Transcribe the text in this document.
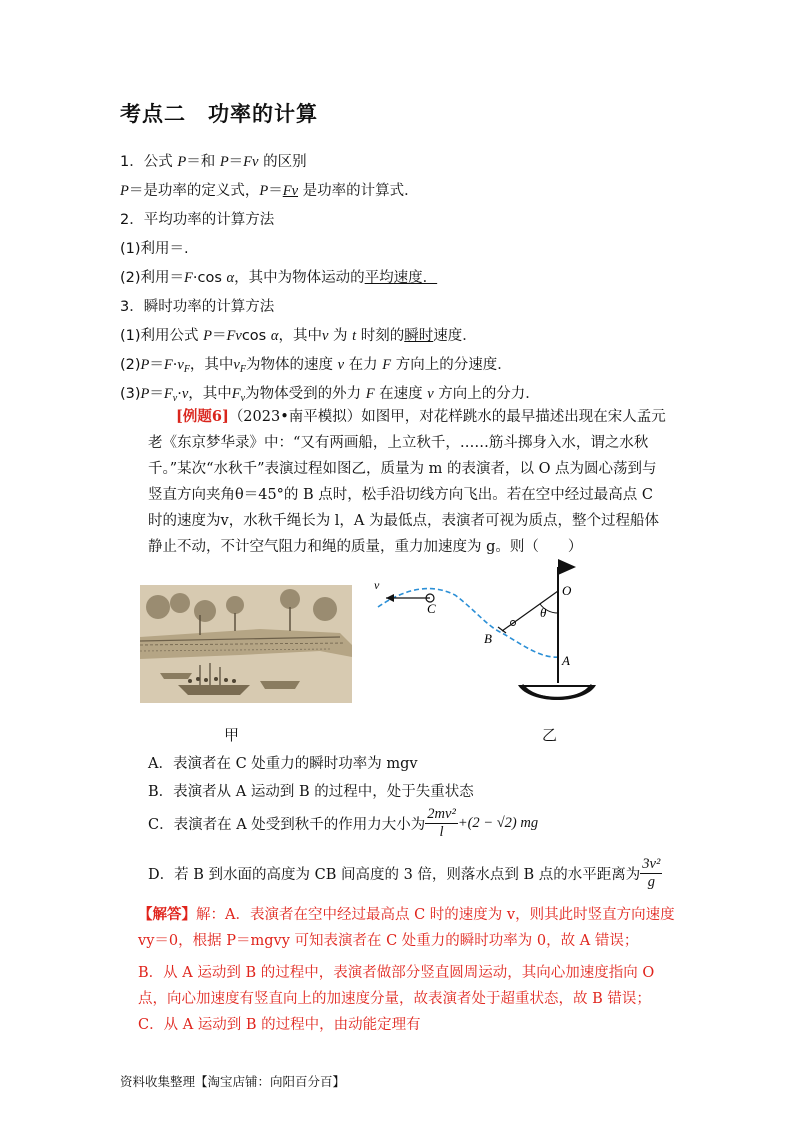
考点二　功率的计算
1．公式 P＝和 P＝Fv 的区别
P＝是功率的定义式，P＝Fv 是功率的计算式．
2．平均功率的计算方法
(1)利用＝.
(2)利用＝F·cos α，其中为物体运动的平均速度．
3．瞬时功率的计算方法
(1)利用公式 P＝Fvcos α，其中v 为 t 时刻的瞬时速度．
$(2)P=F\cdot v_F$，其中$v_F$为物体的速度 v 在力 F 方向上的分速度．
$(3)P=F_v\cdot v$，其中$F_v$为物体受到的外力 F 在速度 v 方向上的分力．
[例题6]（2023•南平模拟）如图甲，对花样跳水的最早描述出现在宋人孟元老《东京梦华录》中：“又有两画船，上立秋千，……筋斗掷身入水，谓之水秋千。”某次“水秋千”表演过程如图乙，质量为 m 的表演者，以 O 点为圆心荡到与竖直方向夹角θ＝45°的 B 点时，松手沿切线方向飞出。若在空中经过最高点 C 时的速度为v，水秋千绳长为 l，A 为最低点，表演者可视为质点，整个过程船体静止不动，不计空气阻力和绳的质量，重力加速度为 g。则（　　）
甲
v
C
O
θ
B
A
乙
A．表演者在 C 处重力的瞬时功率为 mgv
B．表演者从 A 运动到 B 的过程中，处于失重状态
C．表演者在 A 处受到秋千的作用力大小为 $\frac{\text{2mv²}}{l} +(2 - √2)$ mg
D．若 B 到水面的高度为 CB 间高度的 3 倍，则落水点到 B 点的水平距离为 $\frac{\text{3v²}}{g}$
【解答】解：A．表演者在空中经过最高点 C 时的速度为 v，则其此时竖直方向速度 vy＝0，根据 P＝mgvy 可知表演者在 C 处重力的瞬时功率为 0，故 A 错误；
B．从 A 运动到 B 的过程中，表演者做部分竖直圆周运动，其向心加速度指向 O 点，向心加速度有竖直向上的加速度分量，故表演者处于超重状态，故 B 错误；
C．从 A 运动到 B 的过程中，由动能定理有
资料收集整理【淘宝店铺：向阳百分百】
